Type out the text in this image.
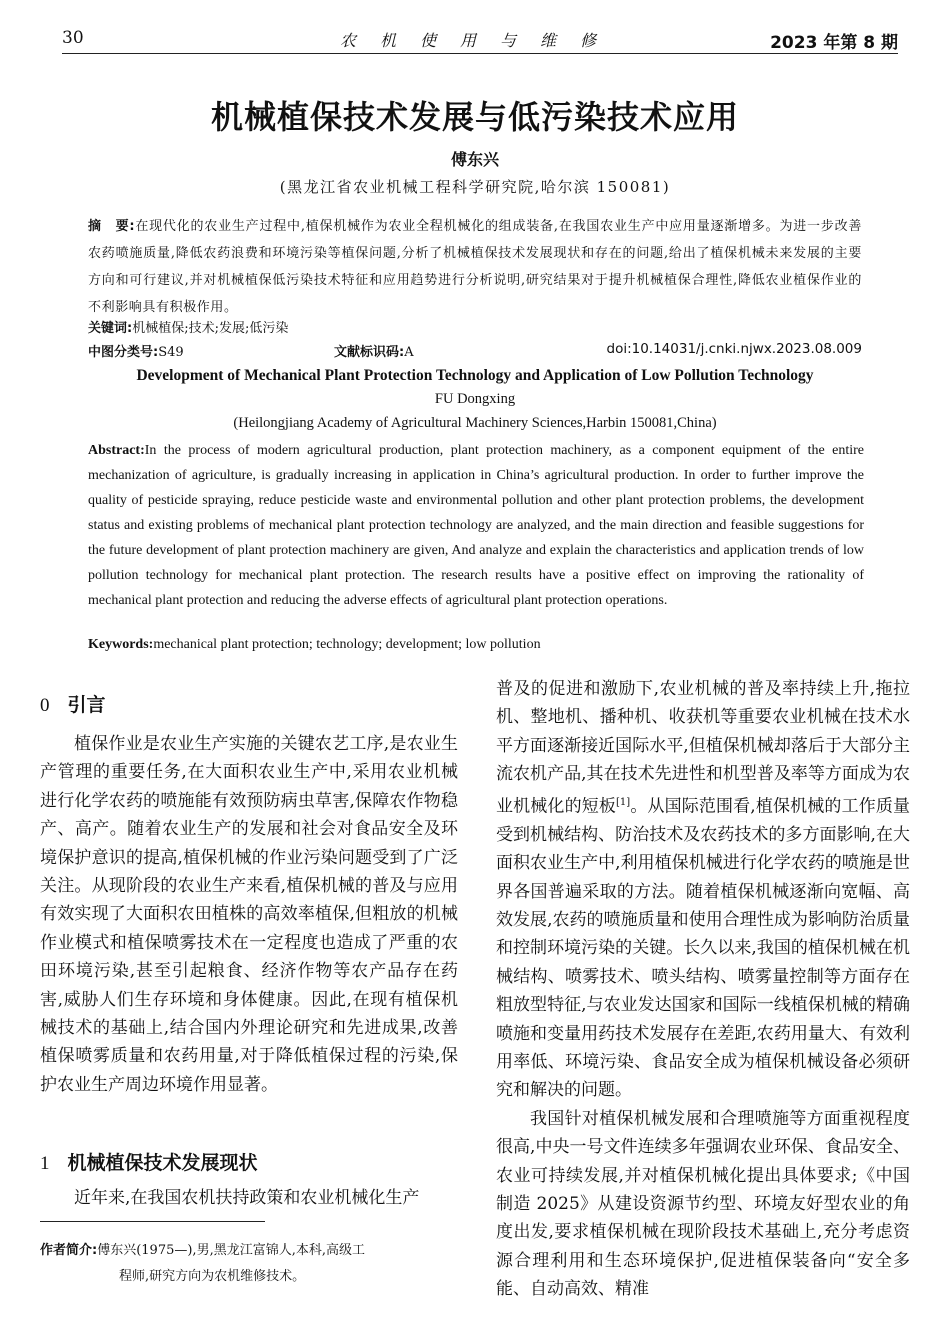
30	农机使用与维修	2023 年第 8 期
机械植保技术发展与低污染技术应用
傅东兴
(黑龙江省农业机械工程科学研究院,哈尔滨 150081)
摘　要:在现代化的农业生产过程中,植保机械作为农业全程机械化的组成装备,在我国农业生产中应用量逐渐增多。为进一步改善农药喷施质量,降低农药浪费和环境污染等植保问题,分析了机械植保技术发展现状和存在的问题,给出了植保机械未来发展的主要方向和可行建议,并对机械植保低污染技术特征和应用趋势进行分析说明,研究结果对于提升机械植保合理性,降低农业植保作业的不利影响具有积极作用。
关键词:机械植保;技术;发展;低污染
中图分类号:S49	文献标识码:A	doi:10.14031/j.cnki.njwx.2023.08.009
Development of Mechanical Plant Protection Technology and Application of Low Pollution Technology
FU Dongxing
(Heilongjiang Academy of Agricultural Machinery Sciences,Harbin 150081,China)
Abstract:In the process of modern agricultural production, plant protection machinery, as a component equipment of the entire mechanization of agriculture, is gradually increasing in application in China’s agricultural production. In order to further improve the quality of pesticide spraying, reduce pesticide waste and environmental pollution and other plant protection problems, the development status and existing problems of mechanical plant protection technology are analyzed, and the main direction and feasible suggestions for the future development of plant protection machinery are given, And analyze and explain the characteristics and application trends of low pollution technology for mechanical plant protection. The research results have a positive effect on improving the rationality of mechanical plant protection and reducing the adverse effects of agricultural plant protection operations.
Keywords:mechanical plant protection; technology; development; low pollution
0 引言

植保作业是农业生产实施的关键农艺工序,是农业生产管理的重要任务,在大面积农业生产中,采用农业机械进行化学农药的喷施能有效预防病虫草害,保障农作物稳产、高产。随着农业生产的发展和社会对食品安全及环境保护意识的提高,植保机械的作业污染问题受到了广泛关注。从现阶段的农业生产来看,植保机械的普及与应用有效实现了大面积农田植株的高效率植保,但粗放的机械作业模式和植保喷雾技术在一定程度也造成了严重的农田环境污染,甚至引起粮食、经济作物等农产品存在药害,威胁人们生存环境和身体健康。因此,在现有植保机械技术的基础上,结合国内外理论研究和先进成果,改善植保喷雾质量和农药用量,对于降低植保过程的污染,保护农业生产周边环境作用显著。

1 机械植保技术发展现状

近年来,在我国农机扶持政策和农业机械化生产

作者简介:傅东兴(1975—),男,黑龙江富锦人,本科,高级工
程师,研究方向为农机维修技术。

普及的促进和激励下,农业机械的普及率持续上升,拖拉机、整地机、播种机、收获机等重要农业机械在技术水平方面逐渐接近国际水平,但植保机械却落后于大部分主流农机产品,其在技术先进性和机型普及率等方面成为农业机械化的短板[1]。从国际范围看,植保机械的工作质量受到机械结构、防治技术及农药技术的多方面影响,在大面积农业生产中,利用植保机械进行化学农药的喷施是世界各国普遍采取的方法。随着植保机械逐渐向宽幅、高效发展,农药的喷施质量和使用合理性成为影响防治质量和控制环境污染的关键。长久以来,我国的植保机械在机械结构、喷雾技术、喷头结构、喷雾量控制等方面存在粗放型特征,与农业发达国家和国际一线植保机械的精确喷施和变量用药技术发展存在差距,农药用量大、有效利用率低、环境污染、食品安全成为植保机械设备必须研究和解决的问题。

我国针对植保机械发展和合理喷施等方面重视程度很高,中央一号文件连续多年强调农业环保、食品安全、农业可持续发展,并对植保机械化提出具体要求;《中国制造 2025》从建设资源节约型、环境友好型农业的角度出发,要求植保机械在现阶段技术基础上,充分考虑资源合理利用和生态环境保护,促进植保装备向“安全多能、自动高效、精准
